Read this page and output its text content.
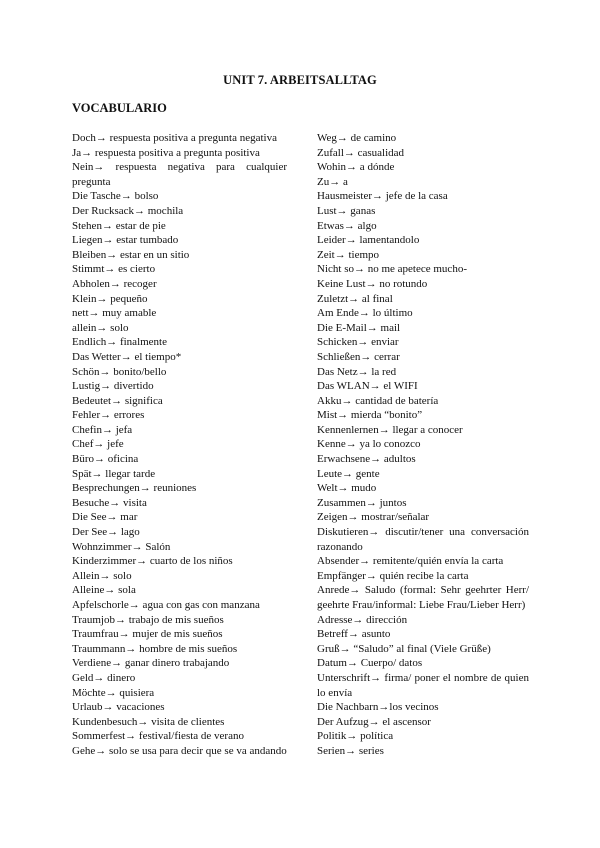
UNIT 7. ARBEITSALLTAG
VOCABULARIO
Doch→ respuesta positiva a pregunta negativa
Ja→ respuesta positiva a pregunta positiva
Nein→ respuesta negativa para cualquier pregunta
Die Tasche→ bolso
Der Rucksack→ mochila
Stehen→ estar de pie
Liegen→ estar tumbado
Bleiben→ estar en un sitio
Stimmt→ es cierto
Abholen→ recoger
Klein→ pequeño
nett→ muy amable
allein→ solo
Endlich→ finalmente
Das Wetter→ el tiempo*
Schön→ bonito/bello
Lustig→ divertido
Bedeutet→ significa
Fehler→ errores
Chefin→ jefa
Chef→ jefe
Büro→ oficina
Spät→ llegar tarde
Besprechungen→ reuniones
Besuche→ visita
Die See→ mar
Der See→ lago
Wohnzimmer→ Salón
Kinderzimmer→ cuarto de los niños
Allein→ solo
Alleine→ sola
Apfelschorle→ agua con gas con manzana
Traumjob→ trabajo de mis sueños
Traumfrau→ mujer de mis sueños
Traummann→ hombre de mis sueños
Verdiene→ ganar dinero trabajando
Geld→ dinero
Möchte→ quisiera
Urlaub→ vacaciones
Kundenbesuch→ visita de clientes
Sommerfest→ festival/fiesta de verano
Gehe→ solo se usa para decir que se va andando
Weg→ de camino
Zufall→ casualidad
Wohin→ a dónde
Zu→ a
Hausmeister→ jefe de la casa
Lust→ ganas
Etwas→ algo
Leider→ lamentandolo
Zeit→ tiempo
Nicht so→ no me apetece mucho-
Keine Lust→ no rotundo
Zuletzt→ al final
Am Ende→ lo último
Die E-Mail→ mail
Schicken→ enviar
Schließen→ cerrar
Das Netz→ la red
Das WLAN→ el WIFI
Akku→ cantidad de batería
Mist→ mierda “bonito”
Kennenlernen→ llegar a conocer
Kenne→ ya lo conozco
Erwachsene→ adultos
Leute→ gente
Welt→ mudo
Zusammen→ juntos
Zeigen→ mostrar/señalar
Diskutieren→ discutir/tener una conversación razonando
Absender→ remitente/quién envía la carta
Empfänger→ quién recibe la carta
Anrede→ Saludo (formal: Sehr geehrter Herr/ geehrte Frau/informal: Liebe Frau/Lieber Herr)
Adresse→ dirección
Betreff→ asunto
Gruß→ “Saludo” al final (Viele Grüße)
Datum→ Cuerpo/ datos
Unterschrift→ firma/ poner el nombre de quien lo envía
Die Nachbarn→los vecinos
Der Aufzug→ el ascensor
Politik→ política
Serien→ series
